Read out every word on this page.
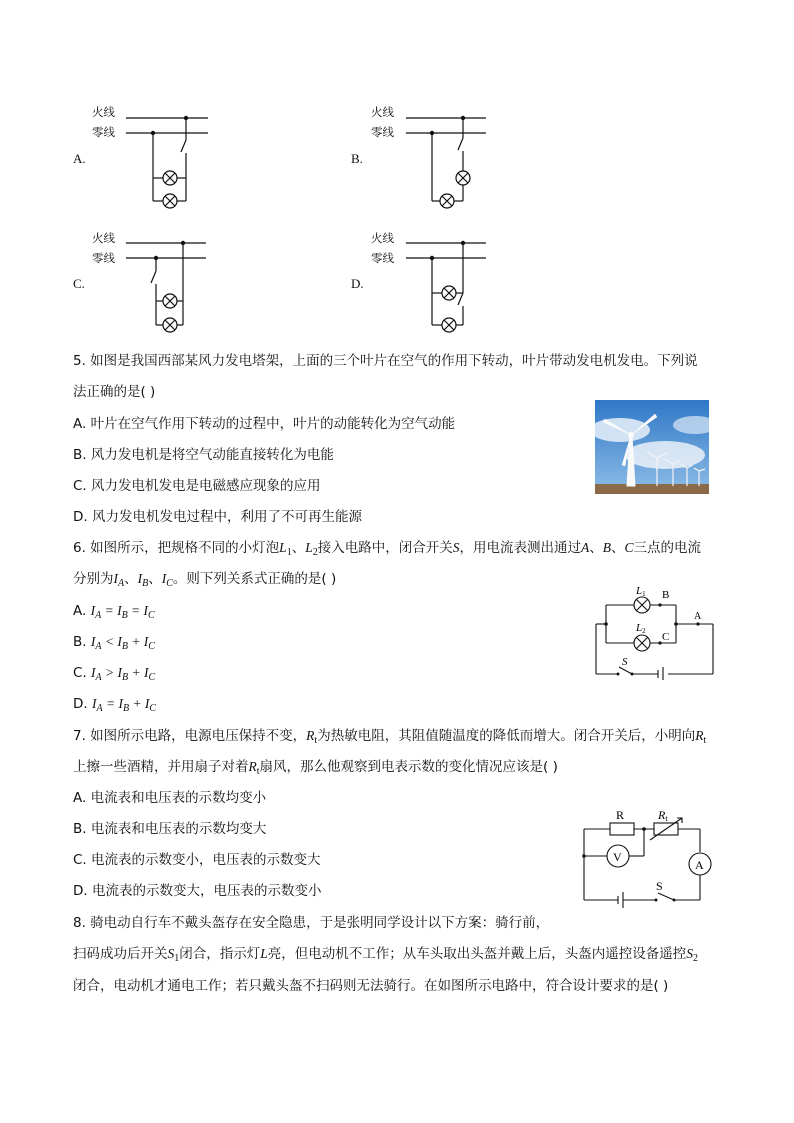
A.
火线
零线
B.
火线
零线
C.
火线
零线
D.
火线
零线
5. 如图是我国西部某风力发电塔架，上面的三个叶片在空气的作用下转动，叶片带动发电机发电。下列说
法正确的是( )
A. 叶片在空气作用下转动的过程中，叶片的动能转化为空气动能
B. 风力发电机是将空气动能直接转化为电能
C. 风力发电机发电是电磁感应现象的应用
D. 风力发电机发电过程中，利用了不可再生能源
6. 如图所示，把规格不同的小灯泡$L_1$、$L_2$接入电路中，闭合开关S，用电流表测出通过A、B、C三点的电流
分别为$I_A$、$I_B$、$I_C$。则下列关系式正确的是( )
A. $I_A = I_B = I_C$
B. $I_A < I_B + I_C$
C. $I_A > I_B + I_C$
D. $I_A = I_B + I_C$
L1
L2
B
C
A
S
7. 如图所示电路，电源电压保持不变，$R_t$为热敏电阻，其阻值随温度的降低而增大。闭合开关后，小明向$R_t$
上擦一些酒精，并用扇子对着$R_t$扇风，那么他观察到电表示数的变化情况应该是( )
A. 电流表和电压表的示数均变小
B. 电流表和电压表的示数均变大
C. 电流表的示数变小，电压表的示数变大
D. 电流表的示数变大，电压表的示数变小
R	Rt
V
A
S
8. 骑电动自行车不戴头盔存在安全隐患，于是张明同学设计以下方案：骑行前，
扫码成功后开关$S_1$闭合，指示灯L亮，但电动机不工作；从车头取出头盔并戴上后，头盔内遥控设备遥控$S_2$
闭合，电动机才通电工作；若只戴头盔不扫码则无法骑行。在如图所示电路中，符合设计要求的是( )
